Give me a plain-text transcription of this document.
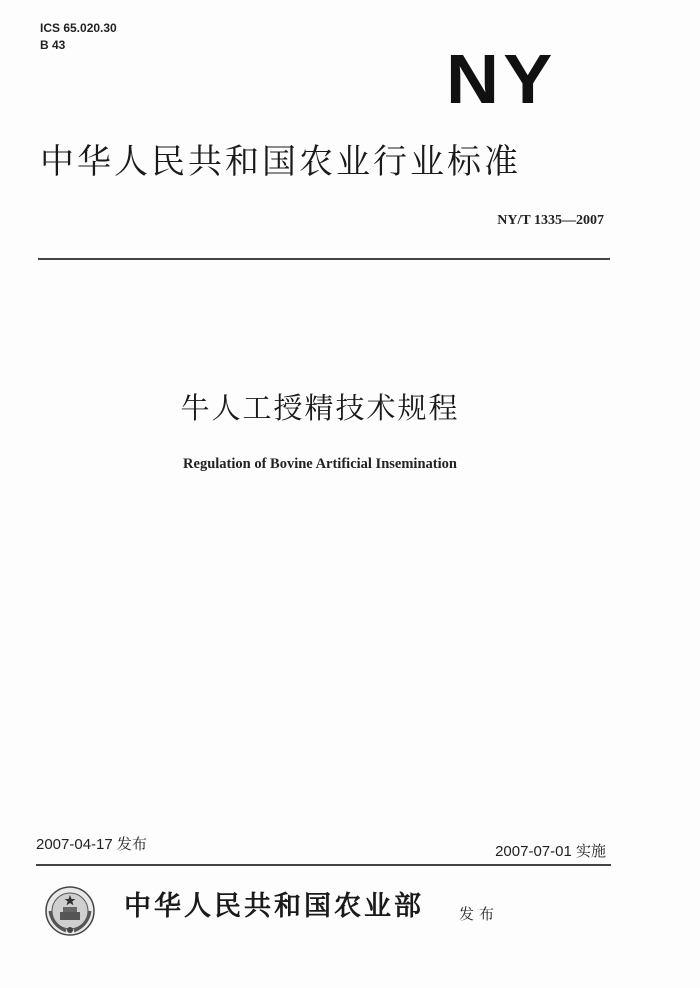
ICS 65.020.30
B 43	NY
中华人民共和国农业行业标准
NY/T 1335—2007
牛人工授精技术规程
Regulation of Bovine Artificial Insemination
2007-04-17 发布	2007-07-01 实施
中华人民共和国农业部 发布
